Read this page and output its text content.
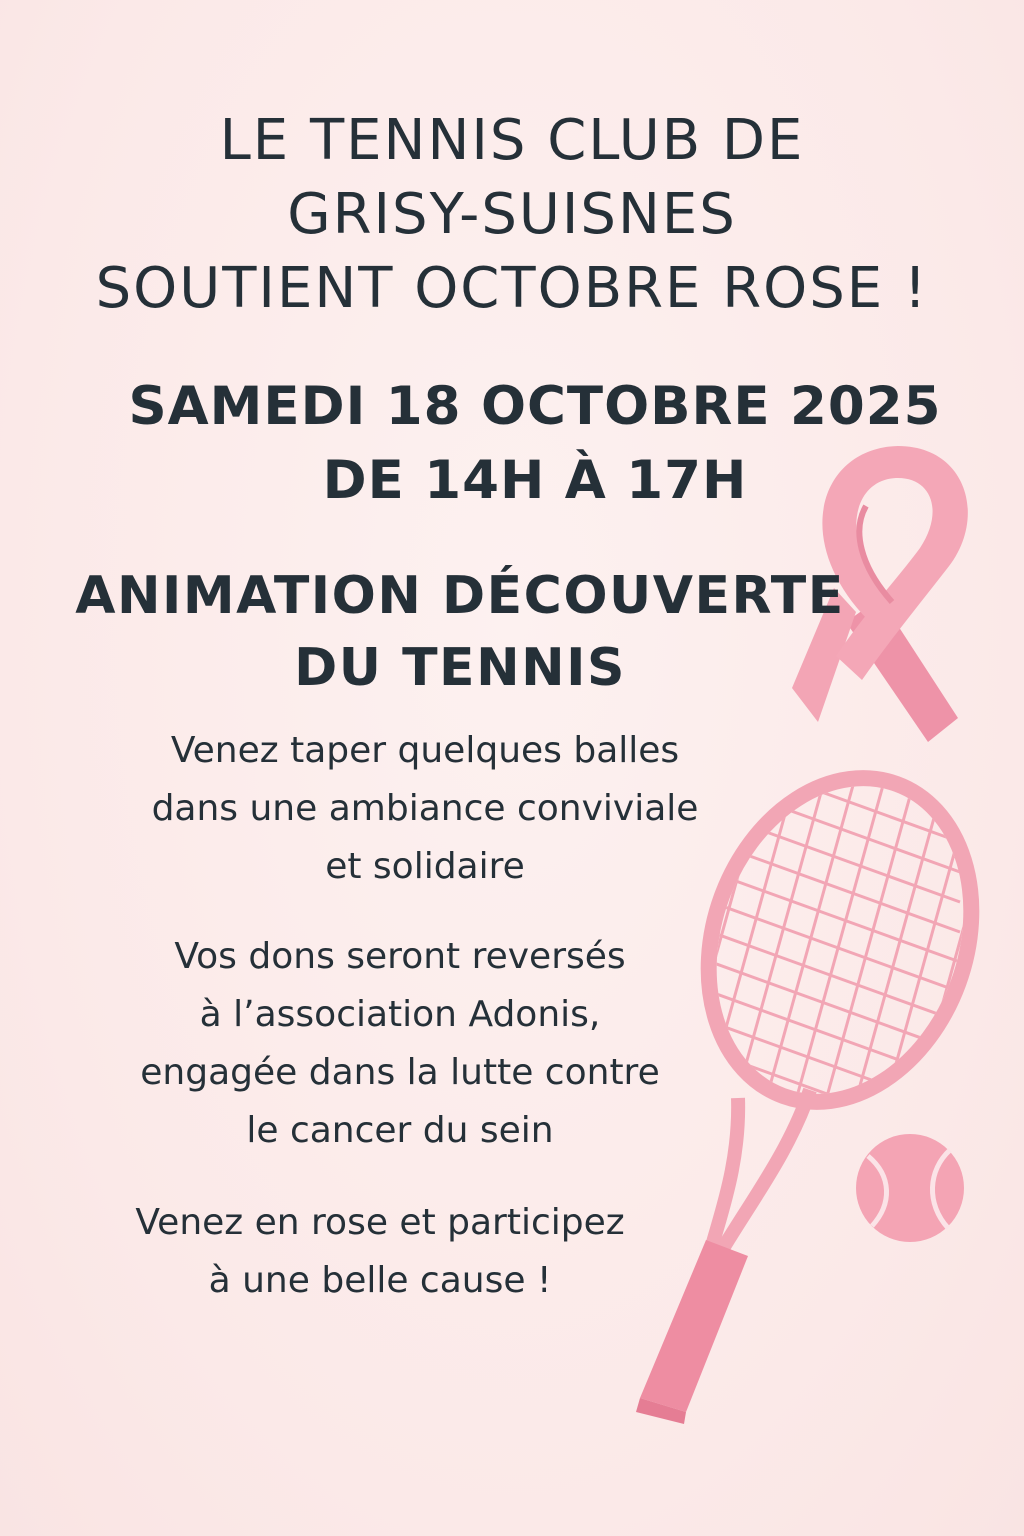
LE TENNIS CLUB DE
GRISY-SUISNES
SOUTIENT OCTOBRE ROSE !
SAMEDI 18 OCTOBRE 2025
DE 14H À 17H
ANIMATION DÉCOUVERTE
DU TENNIS
Venez taper quelques balles
dans une ambiance conviviale
et solidaire
Vos dons seront reversés
à l’association Adonis,
engagée dans la lutte contre
le cancer du sein
Venez en rose et participez
à une belle cause !
